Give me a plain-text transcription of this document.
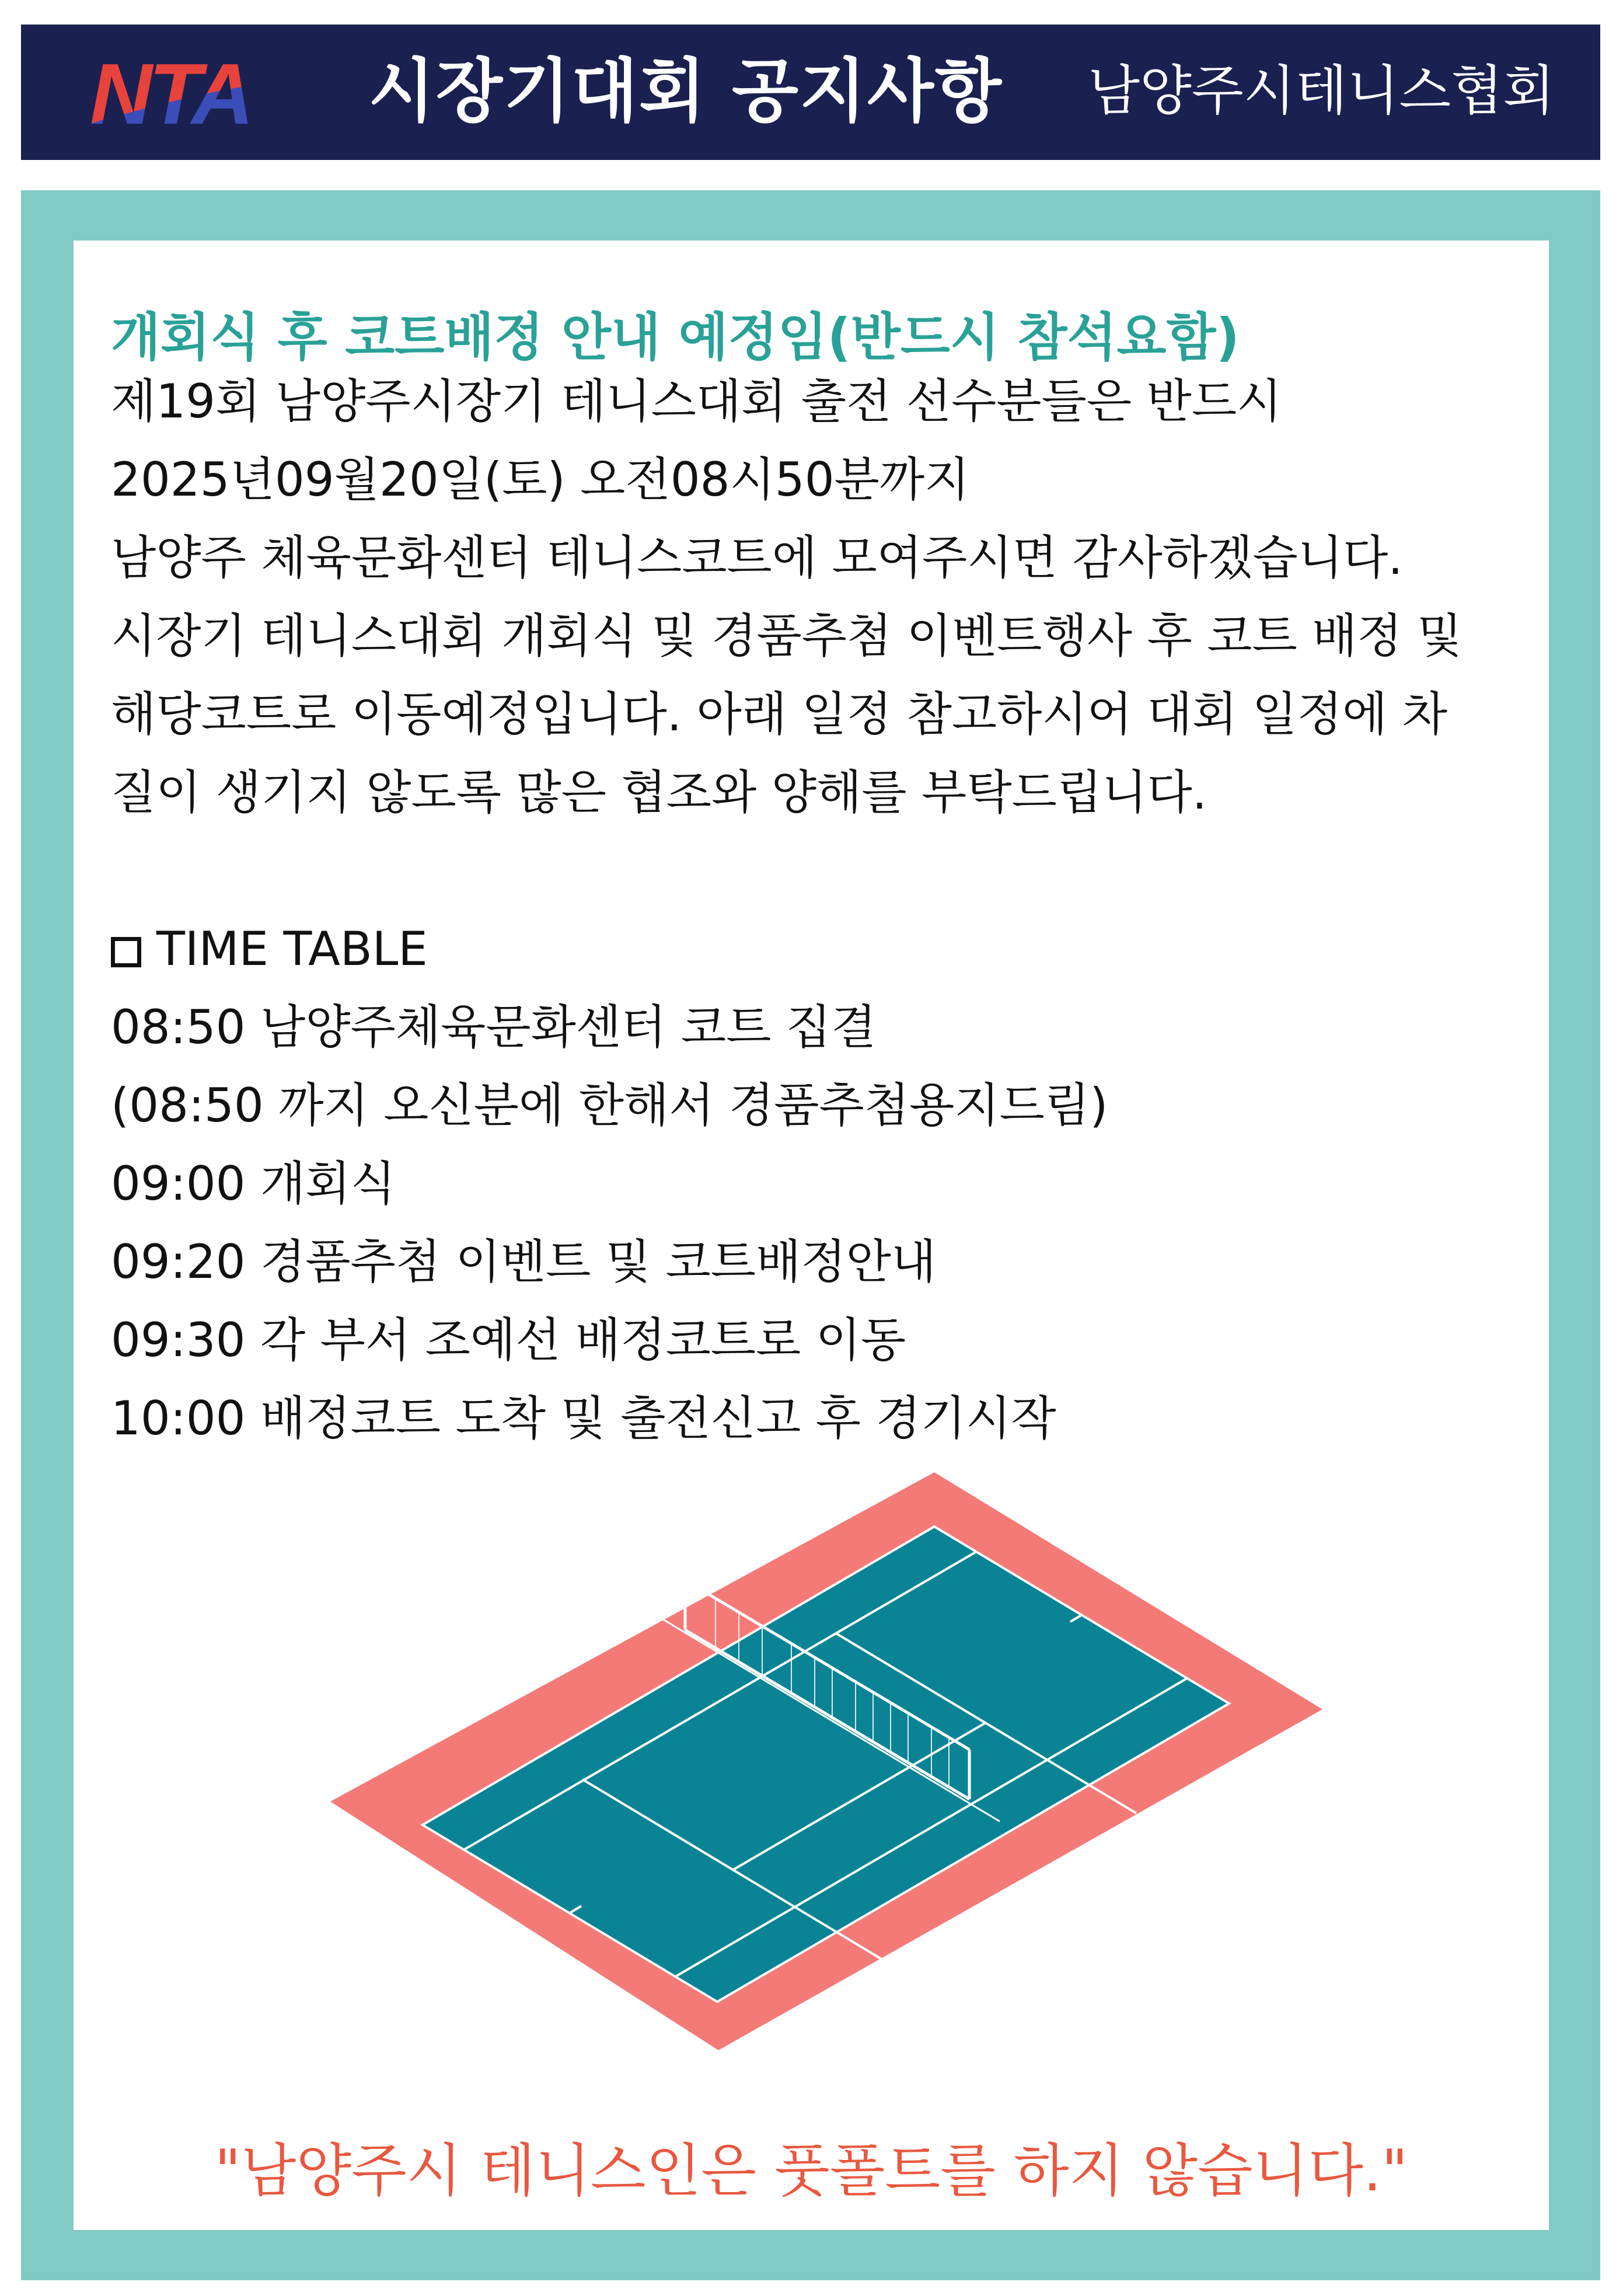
시장기대회 공지사항 남양주시테니스협회
개회식 후 코트배정 안내 예정임(반드시 참석요함)
제19회 남양주시장기 테니스대회 출전 선수분들은 반드시
2025년09월20일(토) 오전08시50분까지
남양주 체육문화센터 테니스코트에 모여주시면 감사하겠습니다.
시장기 테니스대회 개회식 및 경품추첨 이벤트행사 후 코트 배정 및
해당코트로 이동예정입니다. 아래 일정 참고하시어 대회 일정에 차
질이 생기지 않도록 많은 협조와 양해를 부탁드립니다.
TIME TABLE
08:50 남양주체육문화센터 코트 집결
(08:50 까지 오신분에 한해서 경품추첨용지드림)
09:00 개회식
09:20 경품추첨 이벤트 및 코트배정안내
09:30 각 부서 조예선 배정코트로 이동
10:00 배정코트 도착 및 출전신고 후 경기시작
"남양주시 테니스인은 풋폴트를 하지 않습니다."
